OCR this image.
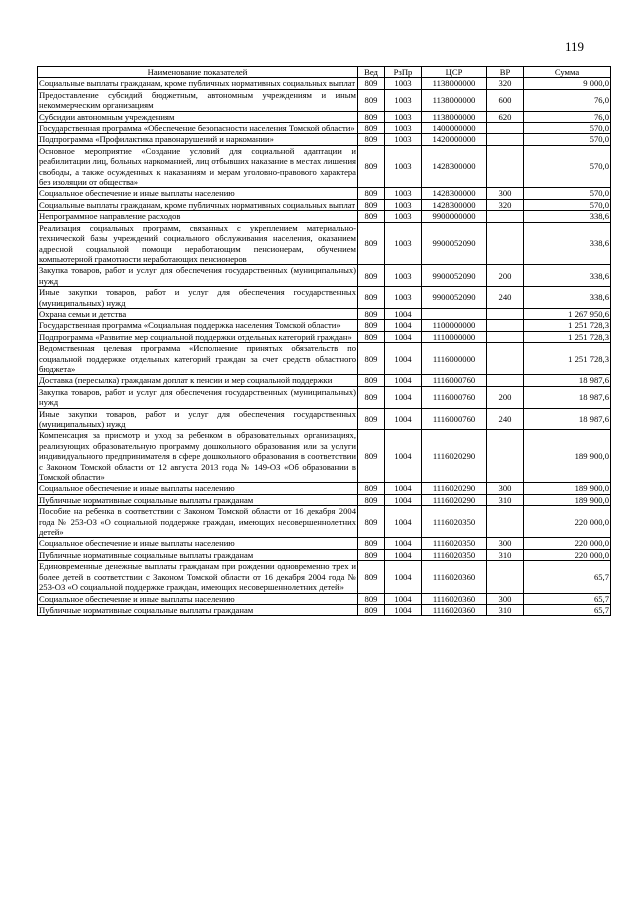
119
Наименование показателей	Вед	РзПр	ЦСР	ВР	Сумма
Социальные выплаты гражданам, кроме публичных нормативных социальных выплат	809	1003	1138000000	320	9 000,0
Предоставление субсидий бюджетным, автономным учреждениям и иным некоммерческим организациям	809	1003	1138000000	600	76,0
Субсидии автономным учреждениям	809	1003	1138000000	620	76,0
Государственная программа «Обеспечение безопасности населения Томской области»	809	1003	1400000000		570,0
Подпрограмма «Профилактика правонарушений и наркомании»	809	1003	1420000000		570,0
Основное мероприятие «Создание условий для социальной адаптации и реабилитации лиц, больных наркоманией, лиц отбывших наказание в местах лишения свободы, а также осужденных к наказаниям и мерам уголовно-правового характера без изоляции от общества»	809	1003	1428300000		570,0
Социальное обеспечение и иные выплаты населению	809	1003	1428300000	300	570,0
Социальные выплаты гражданам, кроме публичных нормативных социальных выплат	809	1003	1428300000	320	570,0
Непрограммное направление расходов	809	1003	9900000000		338,6
Реализация социальных программ, связанных с укреплением материально-технической базы учреждений социального обслуживания населения, оказанием адресной социальной помощи неработающим пенсионерам, обучением компьютерной грамотности неработающих пенсионеров	809	1003	9900052090		338,6
Закупка товаров, работ и услуг для обеспечения государственных (муниципальных) нужд	809	1003	9900052090	200	338,6
Иные закупки товаров, работ и услуг для обеспечения государственных (муниципальных) нужд	809	1003	9900052090	240	338,6
Охрана семьи и детства	809	1004			1 267 950,6
Государственная программа «Социальная поддержка населения Томской области»	809	1004	1100000000		1 251 728,3
Подпрограмма «Развитие мер социальной поддержки отдельных категорий граждан»	809	1004	1110000000		1 251 728,3
Ведомственная целевая программа «Исполнение принятых обязательств по социальной поддержке отдельных категорий граждан за счет средств областного бюджета»	809	1004	1116000000		1 251 728,3
Доставка (пересылка) гражданам доплат к пенсии и мер социальной поддержки	809	1004	1116000760		18 987,6
Закупка товаров, работ и услуг для обеспечения государственных (муниципальных) нужд	809	1004	1116000760	200	18 987,6
Иные закупки товаров, работ и услуг для обеспечения государственных (муниципальных) нужд	809	1004	1116000760	240	18 987,6
Компенсация за присмотр и уход за ребенком в образовательных организациях, реализующих образовательную программу дошкольного образования или за услуги индивидуального предпринимателя в сфере дошкольного образования в соответствии с Законом Томской области от 12 августа 2013 года № 149-ОЗ «Об образовании в Томской области»	809	1004	1116020290		189 900,0
Социальное обеспечение и иные выплаты населению	809	1004	1116020290	300	189 900,0
Публичные нормативные социальные выплаты гражданам	809	1004	1116020290	310	189 900,0
Пособие на ребенка в соответствии с Законом Томской области от 16 декабря 2004 года № 253-ОЗ «О социальной поддержке граждан, имеющих несовершеннолетних детей»	809	1004	1116020350		220 000,0
Социальное обеспечение и иные выплаты населению	809	1004	1116020350	300	220 000,0
Публичные нормативные социальные выплаты гражданам	809	1004	1116020350	310	220 000,0
Единовременные денежные выплаты гражданам при рождении одновременно трех и более детей в соответствии с Законом Томской области от 16 декабря 2004 года № 253-ОЗ «О социальной поддержке граждан, имеющих несовершеннолетних детей»	809	1004	1116020360		65,7
Социальное обеспечение и иные выплаты населению	809	1004	1116020360	300	65,7
Публичные нормативные социальные выплаты гражданам	809	1004	1116020360	310	65,7
